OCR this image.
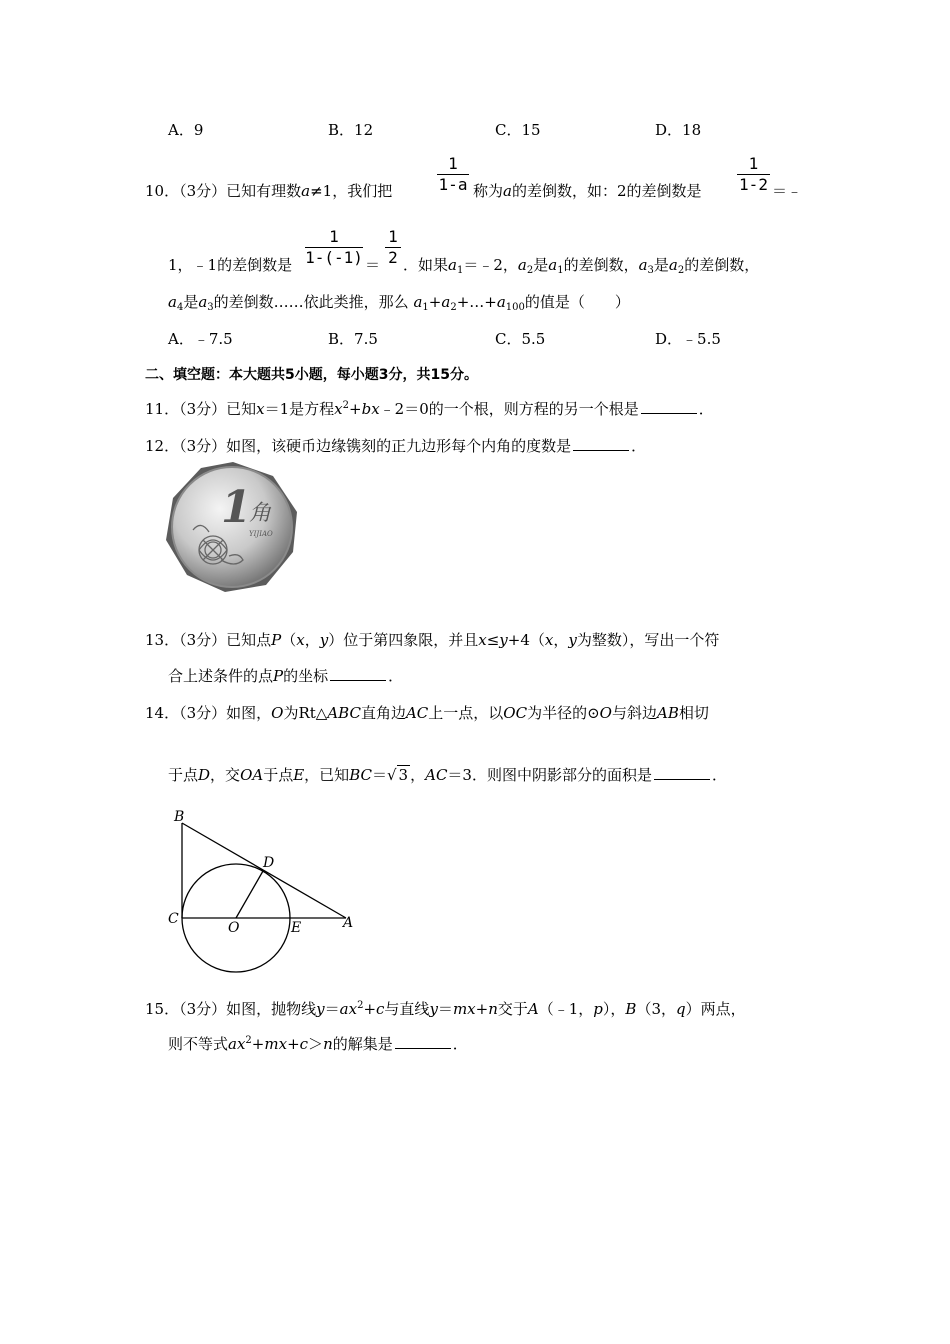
A．9	B．12	C．15	D．18
$\frac{1}{1-a}$	$\frac{1}{1-2}$
10．（3分）已知有理数a≠1，我们把	称为a的差倒数，如：2的差倒数是	＝﹣
$\frac{1}{1-(-1)} \frac{1}{2}$
1，﹣1的差倒数是	＝ ．如果$a_1=﹣2$，$a_2$是$a_1$的差倒数，$a_3$是$a_2$的差倒数，
$a_4$是$a_3$的差倒数……依此类推，那么 $a_1+a_2+\dots+a_{100}$的值是（　　）
A．﹣7.5	B．7.5	C．5.5	D．﹣5.5
二、填空题：本大题共5小题，每小题3分，共15分。
11．（3分）已知x＝1是方程$x^2+bx﹣2=0$的一个根，则方程的另一个根是	．
12．（3分）如图，该硬币边缘镌刻的正九边形每个内角的度数是	．
1
角
YIJIAO
13．（3分）已知点P（x，y）位于第四象限，并且x≤y+4（x，y为整数），写出一个符
合上述条件的点P的坐标	．
14．（3分）如图，O为Rt△ABC直角边AC上一点，以OC为半径的⊙O与斜边AB相切
于点D，交OA于点E，已知BC＝√ 3 ，AC＝3．则图中阴影部分的面积是	．
B
C
O
D
E	A
15．（3分）如图，抛物线$y=ax^2+c$与直线y＝mx+n交于A（﹣1，p），B（3，q）两点，
则不等式$ax^2+mx+c>n$的解集是	．
